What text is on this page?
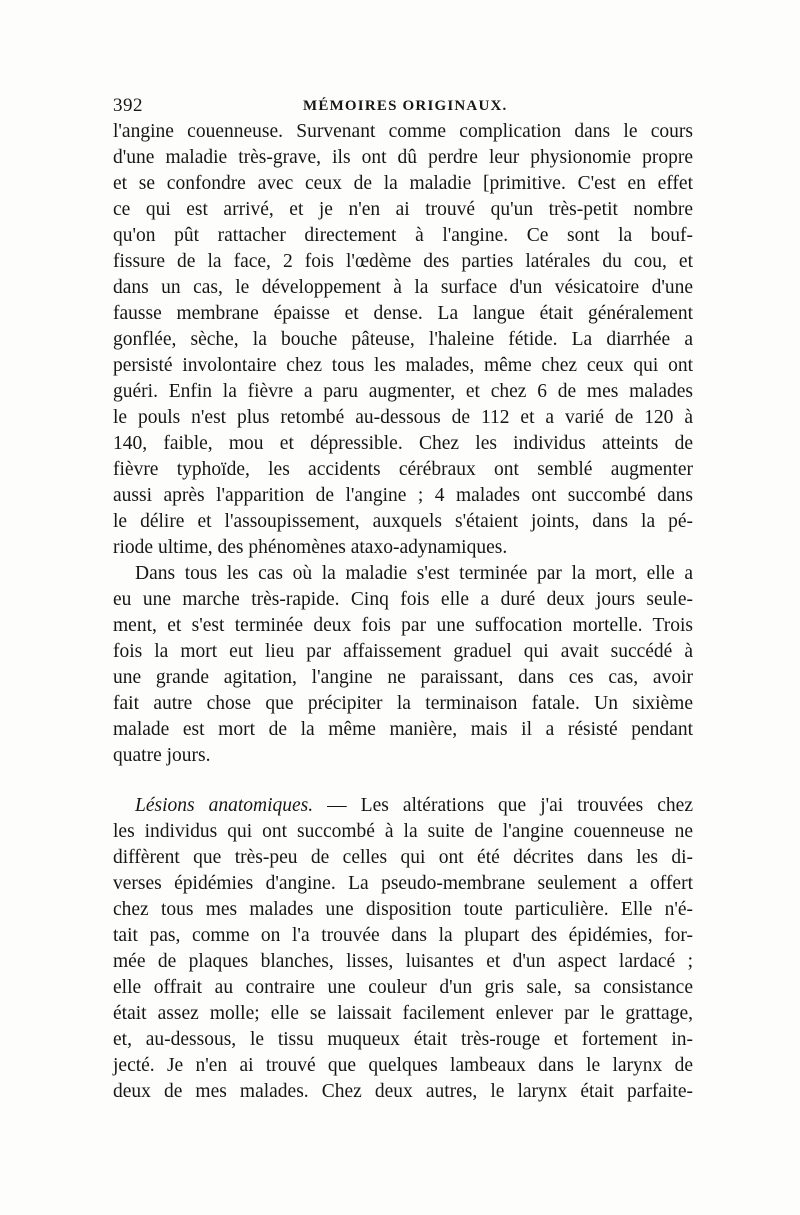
392	MÉMOIRES ORIGINAUX.
l'angine couenneuse. Survenant comme complication dans le cours
d'une maladie très-grave, ils ont dû perdre leur physionomie propre
et se confondre avec ceux de la maladie [primitive. C'est en effet
ce qui est arrivé, et je n'en ai trouvé qu'un très-petit nombre
qu'on pût rattacher directement à l'angine. Ce sont la bouf-
fissure de la face, 2 fois l'œdème des parties latérales du cou, et
dans un cas, le développement à la surface d'un vésicatoire d'une
fausse membrane épaisse et dense. La langue était généralement
gonflée, sèche, la bouche pâteuse, l'haleine fétide. La diarrhée a
persisté involontaire chez tous les malades, même chez ceux qui ont
guéri. Enfin la fièvre a paru augmenter, et chez 6 de mes malades
le pouls n'est plus retombé au-dessous de 112 et a varié de 120 à
140, faible, mou et dépressible. Chez les individus atteints de
fièvre typhoïde, les accidents cérébraux ont semblé augmenter
aussi après l'apparition de l'angine ; 4 malades ont succombé dans
le délire et l'assoupissement, auxquels s'étaient joints, dans la pé-
riode ultime, des phénomènes ataxo-adynamiques.
Dans tous les cas où la maladie s'est terminée par la mort, elle a
eu une marche très-rapide. Cinq fois elle a duré deux jours seule-
ment, et s'est terminée deux fois par une suffocation mortelle. Trois
fois la mort eut lieu par affaissement graduel qui avait succédé à
une grande agitation, l'angine ne paraissant, dans ces cas, avoir
fait autre chose que précipiter la terminaison fatale. Un sixième
malade est mort de la même manière, mais il a résisté pendant
quatre jours.
Lésions anatomiques. — Les altérations que j'ai trouvées chez
les individus qui ont succombé à la suite de l'angine couenneuse ne
diffèrent que très-peu de celles qui ont été décrites dans les di-
verses épidémies d'angine. La pseudo-membrane seulement a offert
chez tous mes malades une disposition toute particulière. Elle n'é-
tait pas, comme on l'a trouvée dans la plupart des épidémies, for-
mée de plaques blanches, lisses, luisantes et d'un aspect lardacé ;
elle offrait au contraire une couleur d'un gris sale, sa consistance
était assez molle; elle se laissait facilement enlever par le grattage,
et, au-dessous, le tissu muqueux était très-rouge et fortement in-
jecté. Je n'en ai trouvé que quelques lambeaux dans le larynx de
deux de mes malades. Chez deux autres, le larynx était parfaite-
